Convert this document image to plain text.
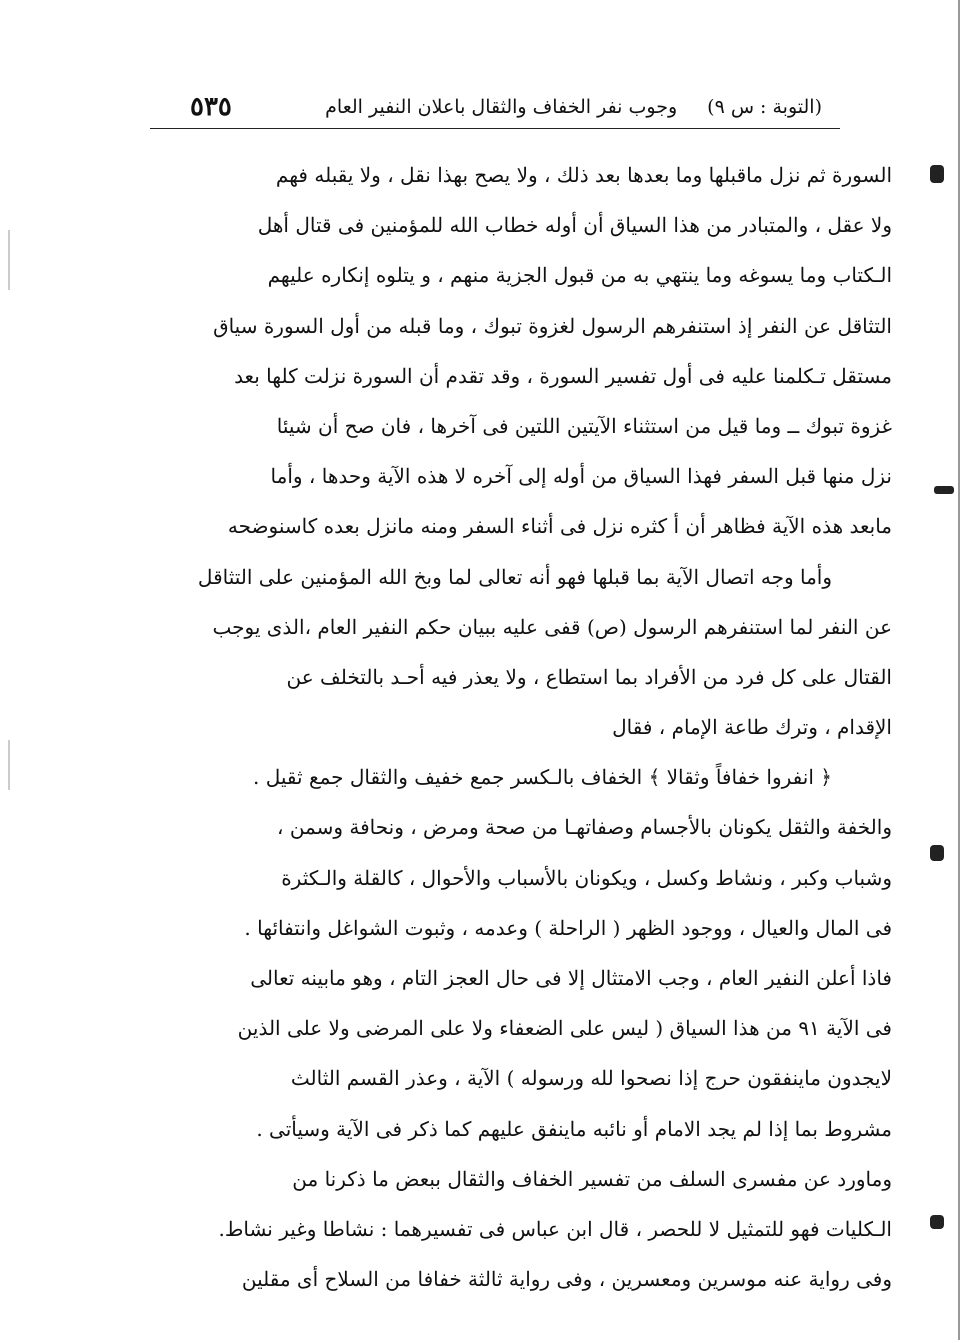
٥٣٥	(التوبة : س ٩)وجوب نفر الخفاف والثقال باعلان النفير العام
السورة ثم نزل ماقبلها وما بعدها بعد ذلك ، ولا يصح بهذا نقل ، ولا يقبله فهم
ولا عقل ، والمتبادر من هذا السياق أن أوله خطاب الله للمؤمنين فى قتال أهل
الـكتاب وما يسوغه وما ينتهي به من قبول الجزية منهم ، و يتلوه إنكاره عليهم
التثاقل عن النفر إذ استنفرهم الرسول لغزوة تبوك ، وما قبله من أول السورة سياق
مستقل تـكلمنا عليه فى أول تفسير السورة ، وقد تقدم أن السورة نزلت كلها بعد
غزوة تبوك ــ وما قيل من استثناء الآيتين اللتين فى آخرها ، فان صح أن شيئا
نزل منها قبل السفر فهذا السياق من أوله إلى آخره لا هذه الآية وحدها ، وأما
مابعد هذه الآية فظاهر أن أ كثره نزل فى أثناء السفر ومنه مانزل بعده كاسنوضحه
وأما وجه اتصال الآية بما قبلها فهو أنه تعالى لما وبخ الله المؤمنين على التثاقل
عن النفر لما استنفرهم الرسول (ص) قفى عليه ببيان حكم النفير العام ،الذى يوجب
القتال على كل فرد من الأفراد بما استطاع ، ولا يعذر فيه أحـد بالتخلف عن
الإقدام ، وترك طاعة الإمام ، فقال
﴿ انفروا خفافاً وثقالا ﴾ الخفاف بالـكسر جمع خفيف والثقال جمع ثقيل .
والخفة والثقل يكونان بالأجسام وصفاتهـا من صحة ومرض ، ونحافة وسمن ،
وشباب وكبر ، ونشاط وكسل ، ويكونان بالأسباب والأحوال ، كالقلة والـكثرة
فى المال والعيال ، ووجود الظهر ( الراحلة ) وعدمه ، وثبوت الشواغل وانتفائها .
فاذا أعلن النفير العام ، وجب الامتثال إلا فى حال العجز التام ، وهو مابينه تعالى
فى الآية ٩١ من هذا السياق ( ليس على الضعفاء ولا على المرضى ولا على الذين
لايجدون ماينفقون حرج إذا نصحوا لله ورسوله ) الآية ، وعذر القسم الثالث
مشروط بما إذا لم يجد الامام أو نائبه ماينفق عليهم كما ذكر فى الآية وسيأتى .
وماورد عن مفسرى السلف من تفسير الخفاف والثقال ببعض ما ذكرنا من
الـكليات فهو للتمثيل لا للحصر ، قال ابن عباس فى تفسيرهما : نشاطا وغير نشاط.
وفى رواية عنه موسرين ومعسرين ، وفى رواية ثالثة خفافا من السلاح أى مقلين
